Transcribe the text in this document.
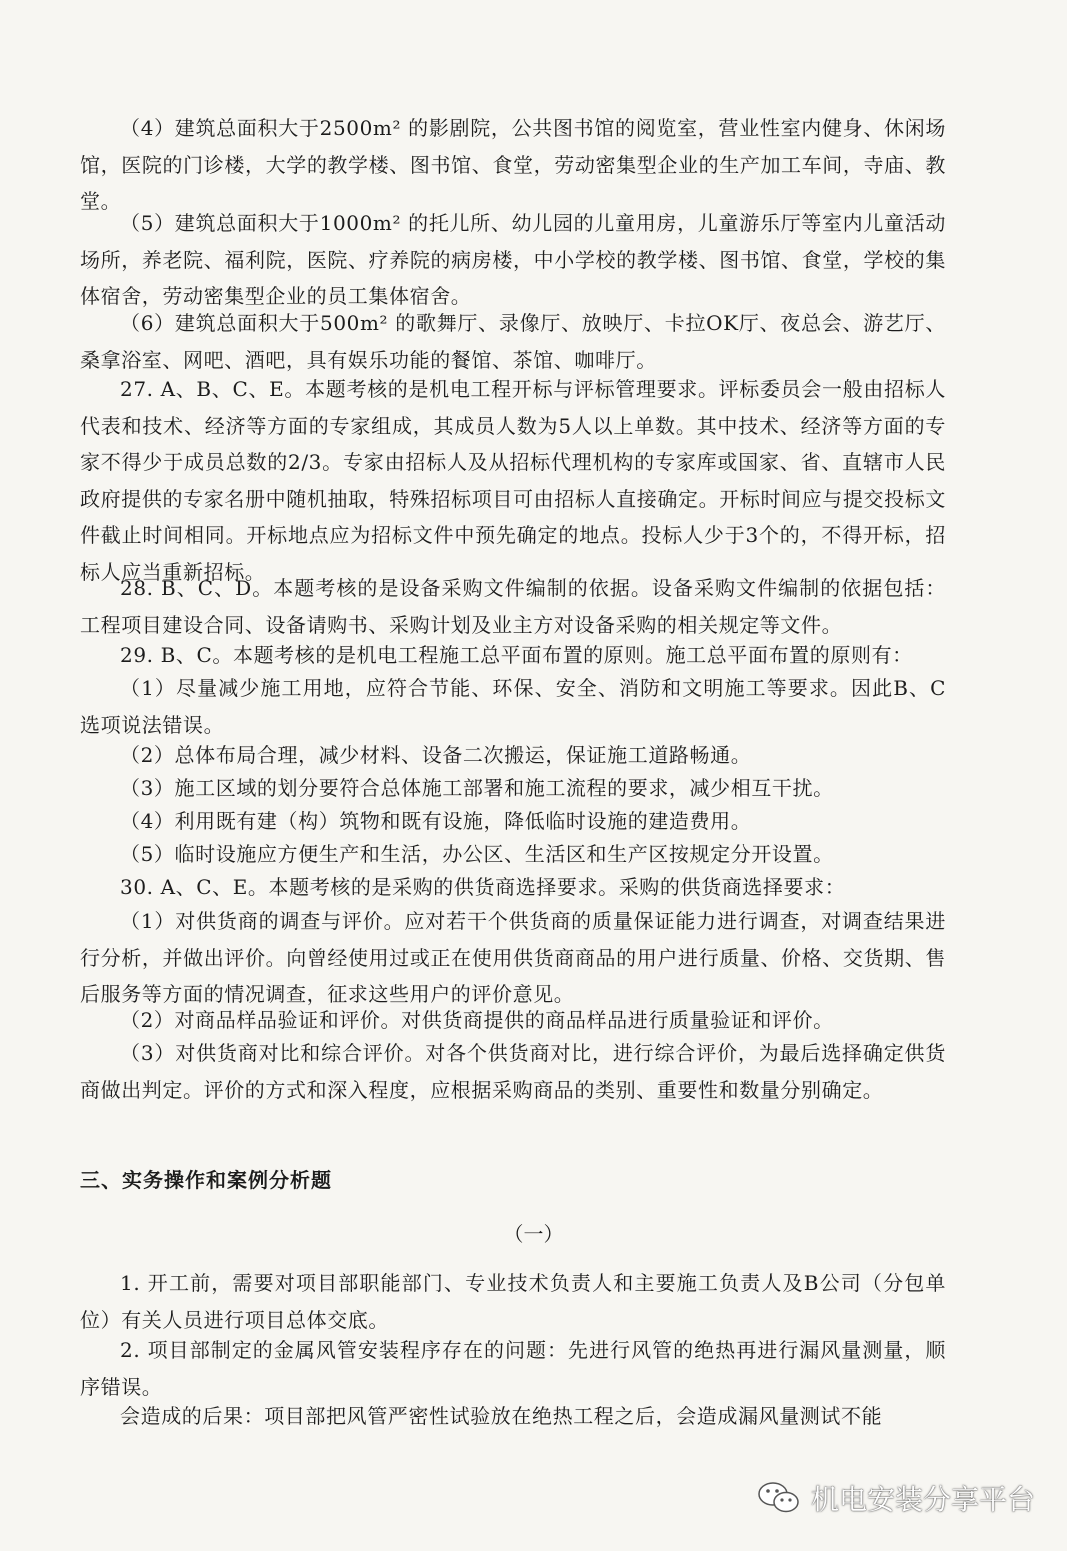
（4）建筑总面积大于2500m² 的影剧院，公共图书馆的阅览室，营业性室内健身、休闲场馆，医院的门诊楼，大学的教学楼、图书馆、食堂，劳动密集型企业的生产加工车间，寺庙、教堂。

（5）建筑总面积大于1000m² 的托儿所、幼儿园的儿童用房，儿童游乐厅等室内儿童活动场所，养老院、福利院，医院、疗养院的病房楼，中小学校的教学楼、图书馆、食堂，学校的集体宿舍，劳动密集型企业的员工集体宿舍。

（6）建筑总面积大于500m² 的歌舞厅、录像厅、放映厅、卡拉OK厅、夜总会、游艺厅、桑拿浴室、网吧、酒吧，具有娱乐功能的餐馆、茶馆、咖啡厅。

27. A、B、C、E。本题考核的是机电工程开标与评标管理要求。评标委员会一般由招标人代表和技术、经济等方面的专家组成，其成员人数为5人以上单数。其中技术、经济等方面的专家不得少于成员总数的2/3。专家由招标人及从招标代理机构的专家库或国家、省、直辖市人民政府提供的专家名册中随机抽取，特殊招标项目可由招标人直接确定。开标时间应与提交投标文件截止时间相同。开标地点应为招标文件中预先确定的地点。投标人少于3个的，不得开标，招标人应当重新招标。

28. B、C、D。本题考核的是设备采购文件编制的依据。设备采购文件编制的依据包括：工程项目建设合同、设备请购书、采购计划及业主方对设备采购的相关规定等文件。

29. B、C。本题考核的是机电工程施工总平面布置的原则。施工总平面布置的原则有：

（1）尽量减少施工用地，应符合节能、环保、安全、消防和文明施工等要求。因此B、C选项说法错误。

（2）总体布局合理，减少材料、设备二次搬运，保证施工道路畅通。

（3）施工区域的划分要符合总体施工部署和施工流程的要求，减少相互干扰。

（4）利用既有建（构）筑物和既有设施，降低临时设施的建造费用。

（5）临时设施应方便生产和生活，办公区、生活区和生产区按规定分开设置。

30. A、C、E。本题考核的是采购的供货商选择要求。采购的供货商选择要求：

（1）对供货商的调查与评价。应对若干个供货商的质量保证能力进行调查，对调查结果进行分析，并做出评价。向曾经使用过或正在使用供货商商品的用户进行质量、价格、交货期、售后服务等方面的情况调查，征求这些用户的评价意见。

（2）对商品样品验证和评价。对供货商提供的商品样品进行质量验证和评价。

（3）对供货商对比和综合评价。对各个供货商对比，进行综合评价，为最后选择确定供货商做出判定。评价的方式和深入程度，应根据采购商品的类别、重要性和数量分别确定。

三、实务操作和案例分析题
（一）

1. 开工前，需要对项目部职能部门、专业技术负责人和主要施工负责人及B公司（分包单位）有关人员进行项目总体交底。

2. 项目部制定的金属风管安装程序存在的问题：先进行风管的绝热再进行漏风量测量，顺序错误。

会造成的后果：项目部把风管严密性试验放在绝热工程之后，会造成漏风量测试不能

机电安装分享平台
